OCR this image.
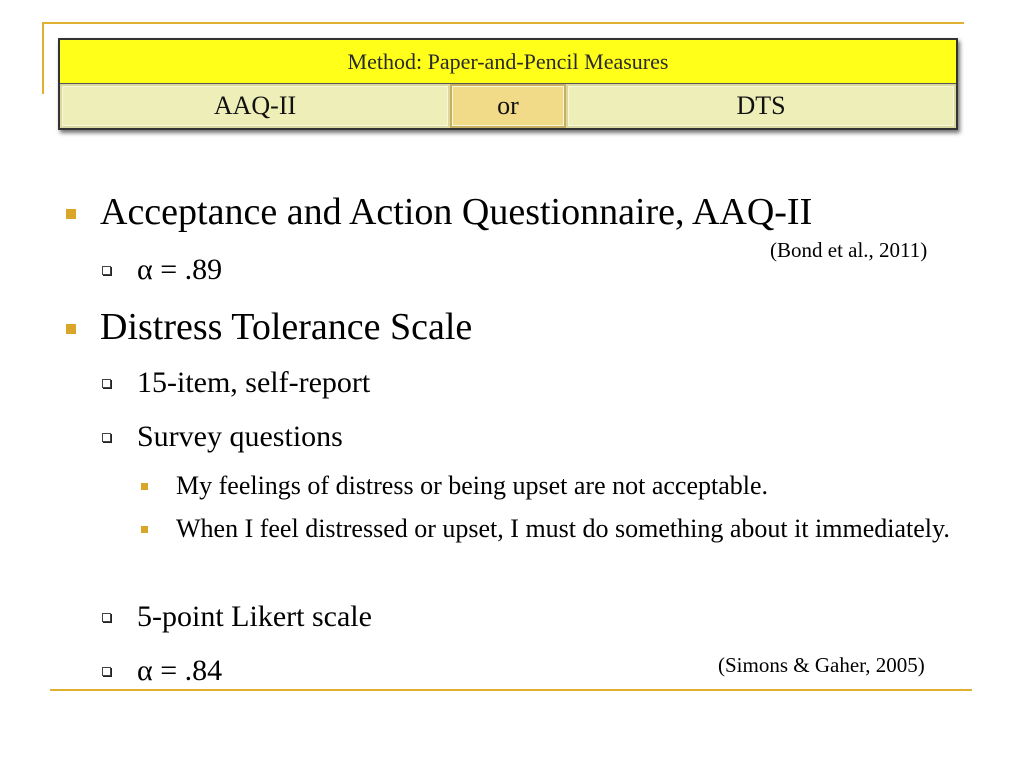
Method: Paper-and-Pencil Measures
AAQ-II	or	DTS
Acceptance and Action Questionnaire, AAQ-II
(Bond et al., 2011)
α = .89
Distress Tolerance Scale
15-item, self-report
Survey questions
My feelings of distress or being upset are not acceptable.
When I feel distressed or upset, I must do something about it immediately.
5-point Likert scale
α = .84	(Simons & Gaher, 2005)
